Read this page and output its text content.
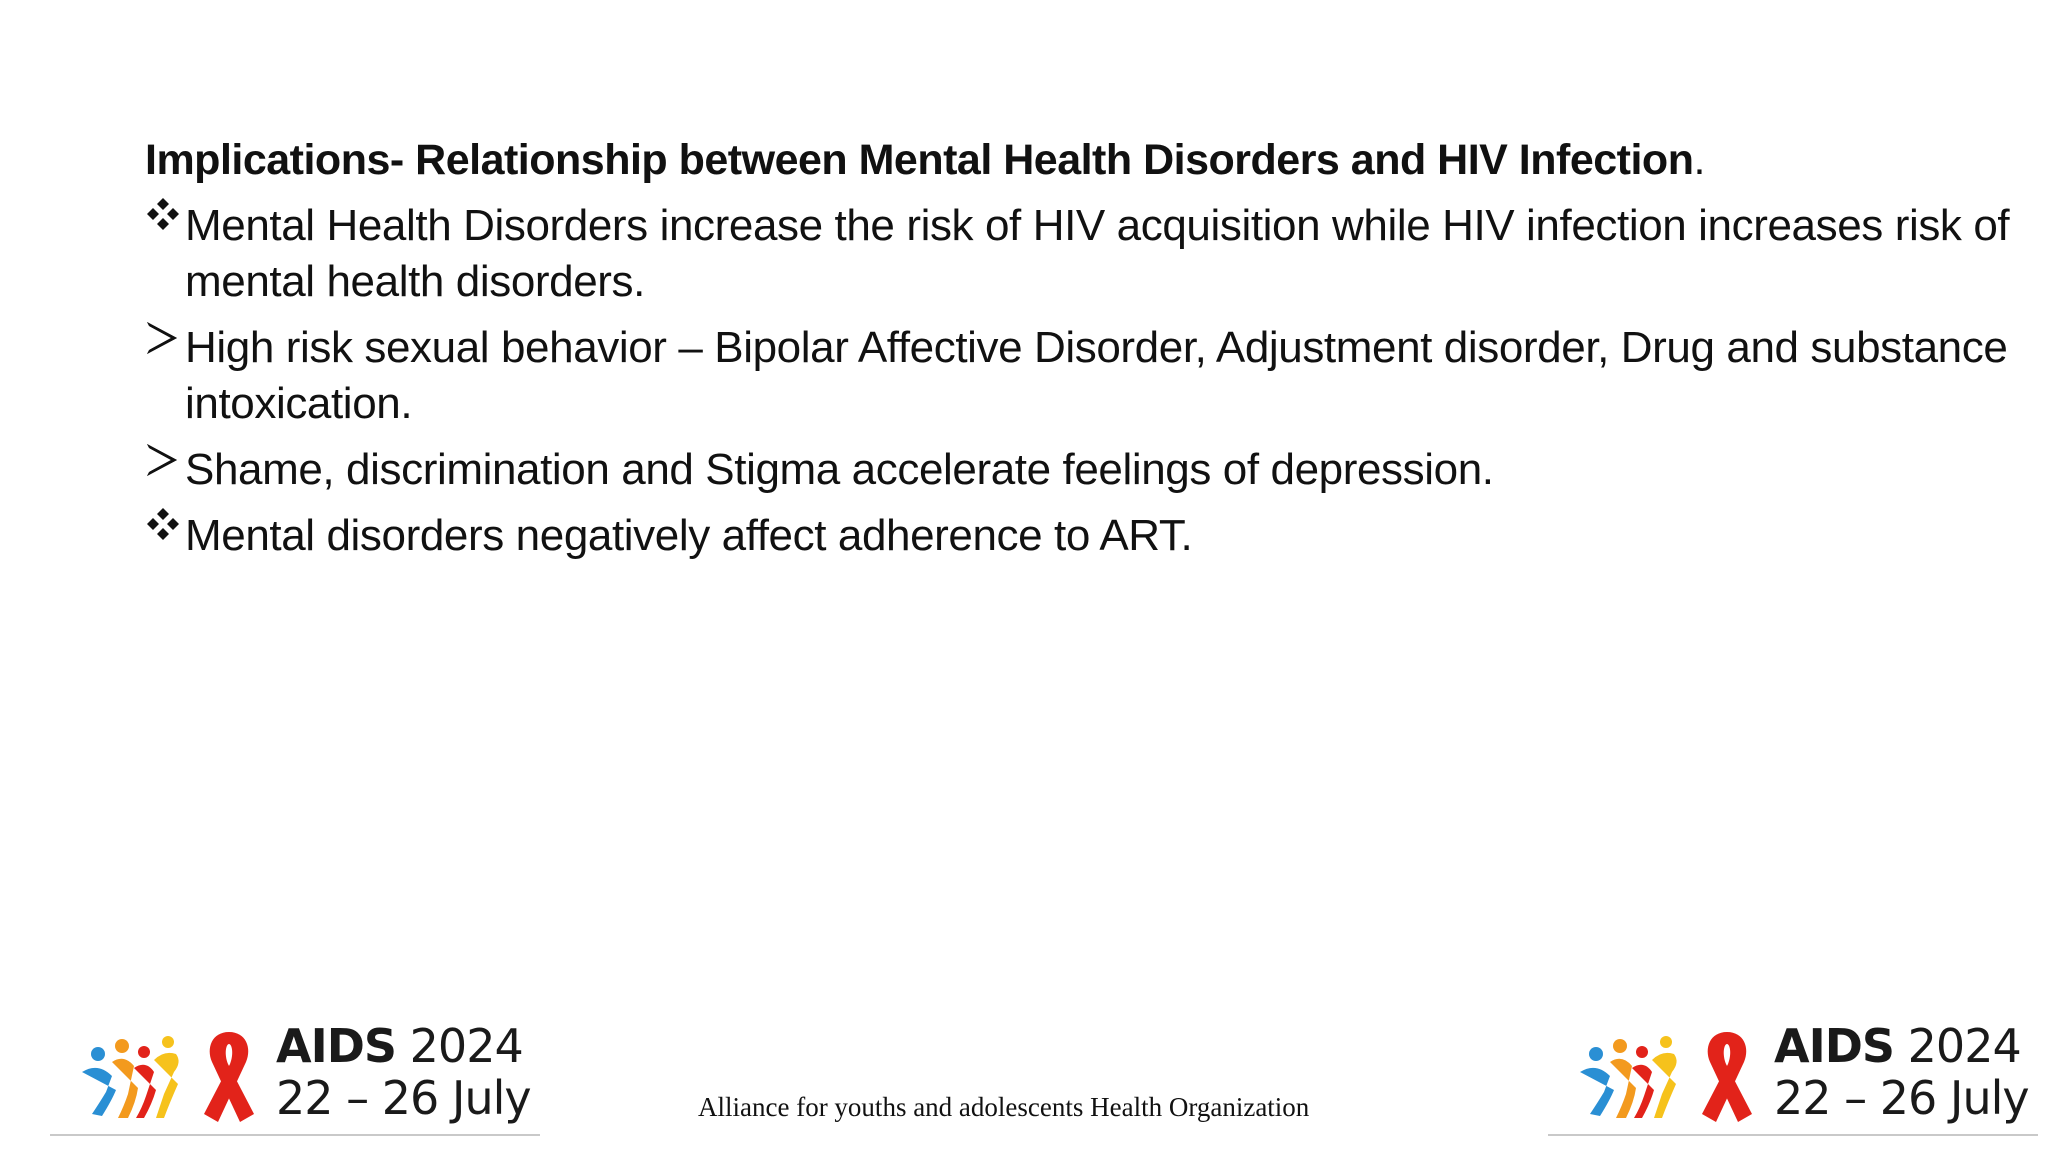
Implications- Relationship between Mental Health Disorders and HIV Infection.
Mental Health Disorders increase the risk of HIV acquisition while HIV infection increases risk of mental health disorders.
High risk sexual behavior – Bipolar Affective Disorder, Adjustment disorder, Drug and substance intoxication.
Shame, discrimination and Stigma accelerate feelings of depression.
Mental disorders negatively affect adherence to ART.
AIDS 2024
22 – 26 July	Alliance for youths and adolescents Health Organization
AIDS 2024
22 – 26 July
